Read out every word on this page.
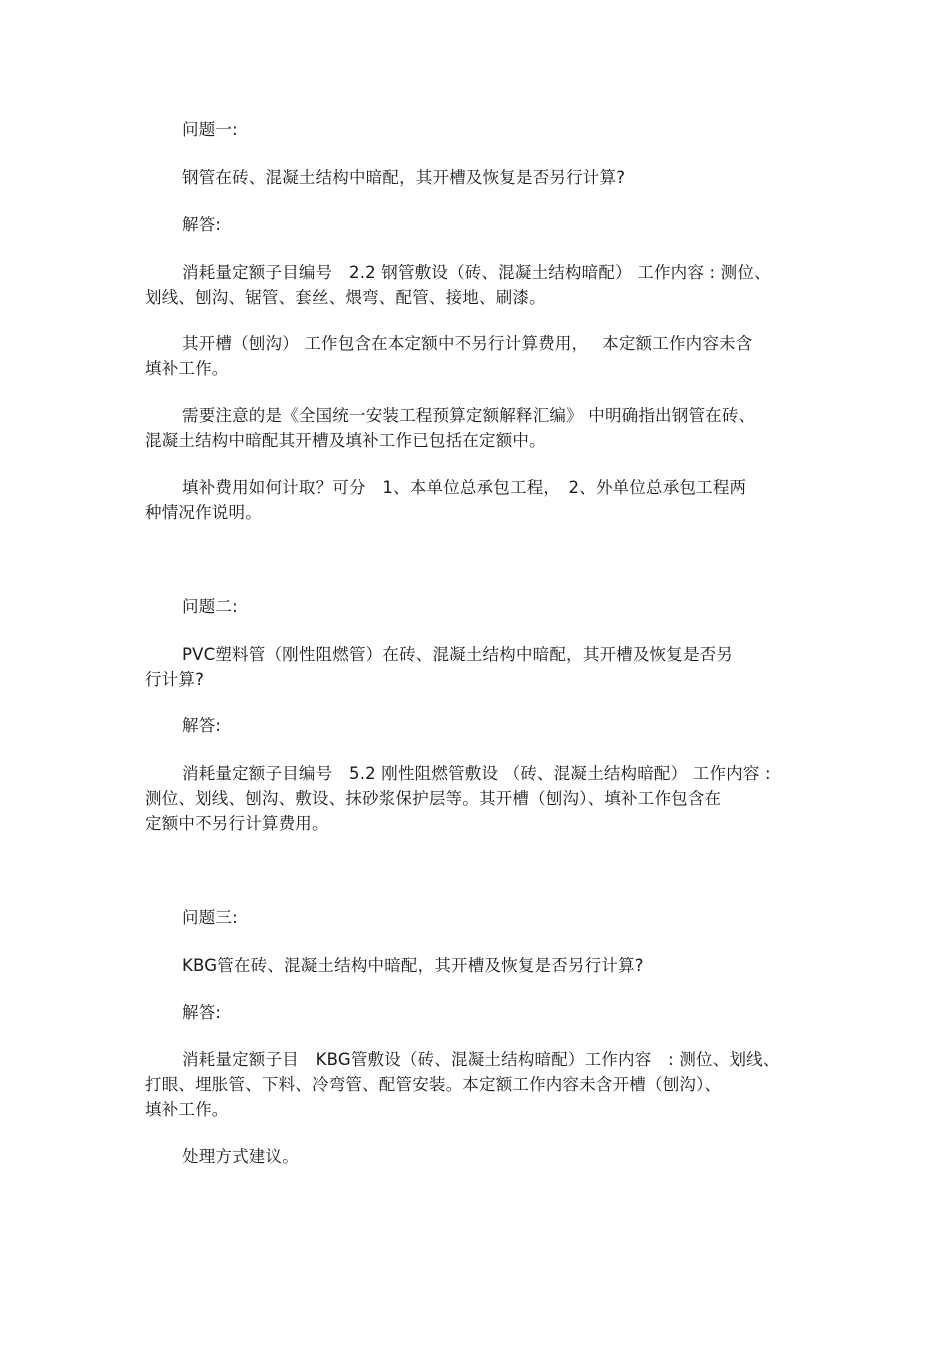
问题一:
钢管在砖、混凝土结构中暗配，其开槽及恢复是否另行计算?
解答:
消耗量定额子目编号　2.2 钢管敷设（砖、混凝土结构暗配） 工作内容 : 测位、
划线、刨沟、锯管、套丝、煨弯、配管、接地、刷漆。
其开槽（刨沟） 工作包含在本定额中不另行计算费用，　 本定额工作内容未含
填补工作。
需要注意的是《全国统一安装工程预算定额解释汇编》 中明确指出钢管在砖、
混凝土结构中暗配其开槽及填补工作已包括在定额中。
填补费用如何计取？可分　1、本单位总承包工程，　2、外单位总承包工程两
种情况作说明。
问题二:
PVC塑料管（刚性阻燃管）在砖、混凝土结构中暗配，其开槽及恢复是否另
行计算?
解答:
消耗量定额子目编号　5.2 刚性阻燃管敷设 （砖、混凝土结构暗配） 工作内容 :
测位、划线、刨沟、敷设、抹砂浆保护层等。其开槽（刨沟）、填补工作包含在
定额中不另行计算费用。
问题三:
KBG管在砖、混凝土结构中暗配，其开槽及恢复是否另行计算?
解答:
消耗量定额子目　KBG管敷设（砖、混凝土结构暗配）工作内容　: 测位、划线、
打眼、埋胀管、下料、冷弯管、配管安装。本定额工作内容未含开槽（刨沟）、
填补工作。
处理方式建议。
